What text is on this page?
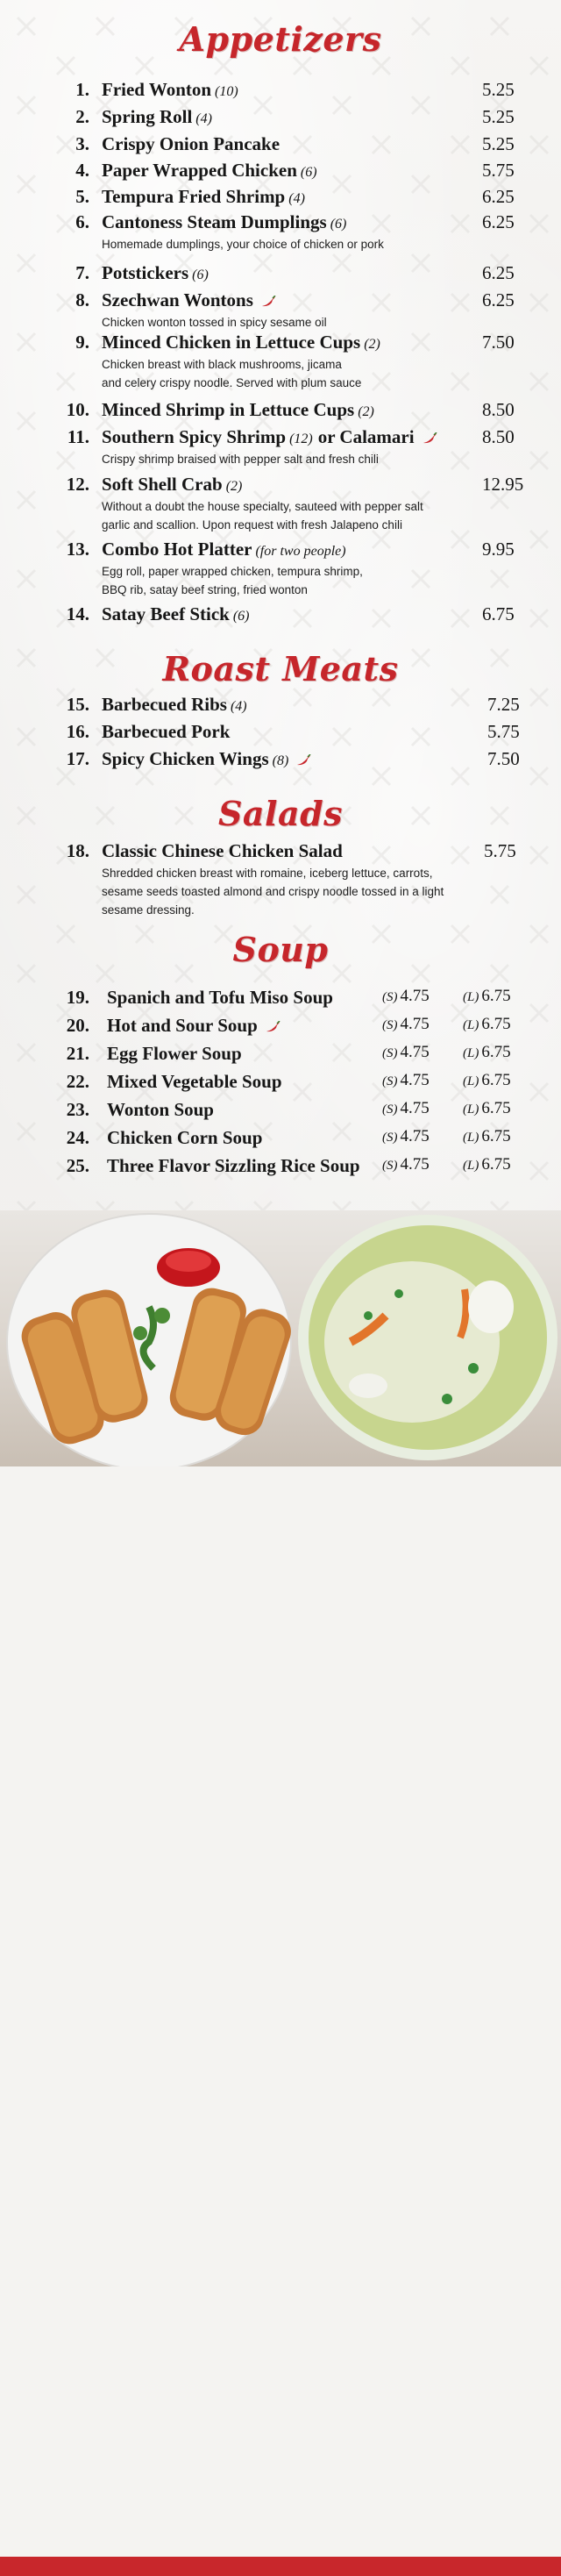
Appetizers
Roast Meats
Salads
Soup
1. Fried Wonton (10)	5.25
2. Spring Roll (4)	5.25
3. Crispy Onion Pancake	5.25
4. Paper Wrapped Chicken (6)	5.75
5. Tempura Fried Shrimp (4)	6.25
6. Cantoness Steam Dumplings (6)	6.25
Homemade dumplings, your choice of chicken or pork
7. Potstickers (6)	6.25
8. Szechwan Wontons	6.25
Chicken wonton tossed in spicy sesame oil
9. Minced Chicken in Lettuce Cups (2)	7.50
Chicken breast with black mushrooms, jicama
and celery crispy noodle. Served with plum sauce
10. Minced Shrimp in Lettuce Cups (2)	8.50
11. Southern Spicy Shrimp (12) or Calamari	8.50
Crispy shrimp braised with pepper salt and fresh chili
12. Soft Shell Crab (2)	12.95
Without a doubt the house specialty, sauteed with pepper salt
garlic and scallion. Upon request with fresh Jalapeno chili
13. Combo Hot Platter (for two people)	9.95
Egg roll, paper wrapped chicken, tempura shrimp,
BBQ rib, satay beef string, fried wonton
14. Satay Beef Stick (6)	6.75
15. Barbecued Ribs (4)	7.25
16. Barbecued Pork	5.75
17. Spicy Chicken Wings (8)	7.50
18. Classic Chinese Chicken Salad	5.75
Shredded chicken breast with romaine, iceberg lettuce, carrots,
sesame seeds toasted almond and crispy noodle tossed in a light
sesame dressing.
19. Spanich and Tofu Miso Soup	(S) 4.75	(L) 6.75
20. Hot and Sour Soup	(S) 4.75	(L) 6.75
21. Egg Flower Soup	(S) 4.75	(L) 6.75
22. Mixed Vegetable Soup	(S) 4.75	(L) 6.75
23. Wonton Soup	(S) 4.75	(L) 6.75
24. Chicken Corn Soup	(S) 4.75	(L) 6.75
25. Three Flavor Sizzling Rice Soup (S) 4.75	(L) 6.75
